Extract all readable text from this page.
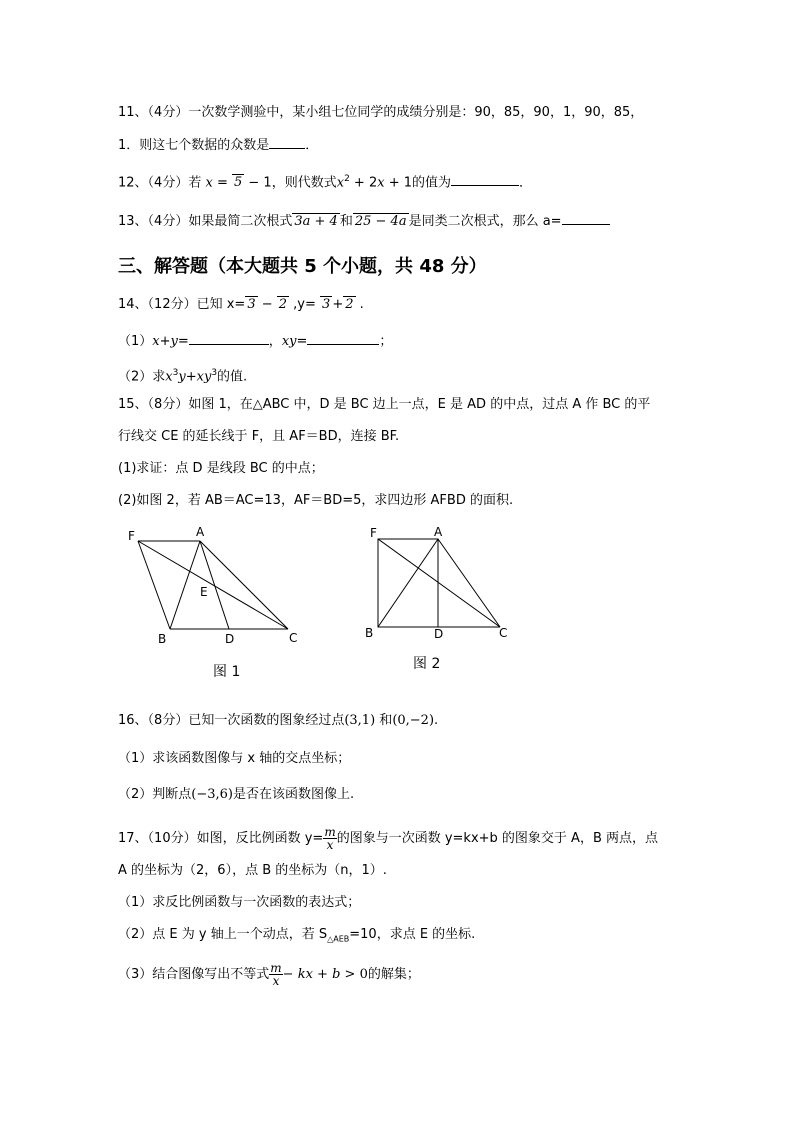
11、（4分）一次数学测验中，某小组七位同学的成绩分别是：90，85，90，1，90，85，
1．则这七个数据的众数是	．
12、（4分）若 x = 5 − 1，则代数式$x^2 + 2x + 1$的值为	．
13、（4分）如果最简二次根式 3a + 4 和 25 − 4a 是同类二次根式，那么 a=
三、解答题（本大题共 5 个小题，共 48 分）
14、（12分）已知 x= 3 − 2 ,y= 3 + 2 .
（1）x+y=	，xy=	；
（2）求$x^3y+xy^3$的值.
15、（8分）如图 1，在△ABC 中，D 是 BC 边上一点，E 是 AD 的中点，过点 A 作 BC 的平
行线交 CE 的延长线于 F，且 AF＝BD，连接 BF.
(1)求证：点 D 是线段 BC 的中点；
(2)如图 2，若 AB＝AC=13，AF＝BD=5，求四边形 AFBD 的面积.
F	A
E
B	D	C
图 1
F	A
B	D	C
图 2
16、（8分）已知一次函数的图象经过点(3,1) 和(0,−2).
（1）求该函数图像与 x 轴的交点坐标；
（2）判断点(−3,6)是否在该函数图像上.
17、（10分）如图，反比例函数 $y= \frac{m}{x}$ 的图象与一次函数 y=kx+b 的图象交于 A，B 两点，点
A 的坐标为（2，6），点 B 的坐标为（n，1）.
（1）求反比例函数与一次函数的表达式；
（2）点 E 为 y 轴上一个动点，若 $S_{\triangle AEB}=10$，求点 E 的坐标.
（3）结合图像写出不等式 $\frac{m}{x}$ − kx + b > 0的解集；
